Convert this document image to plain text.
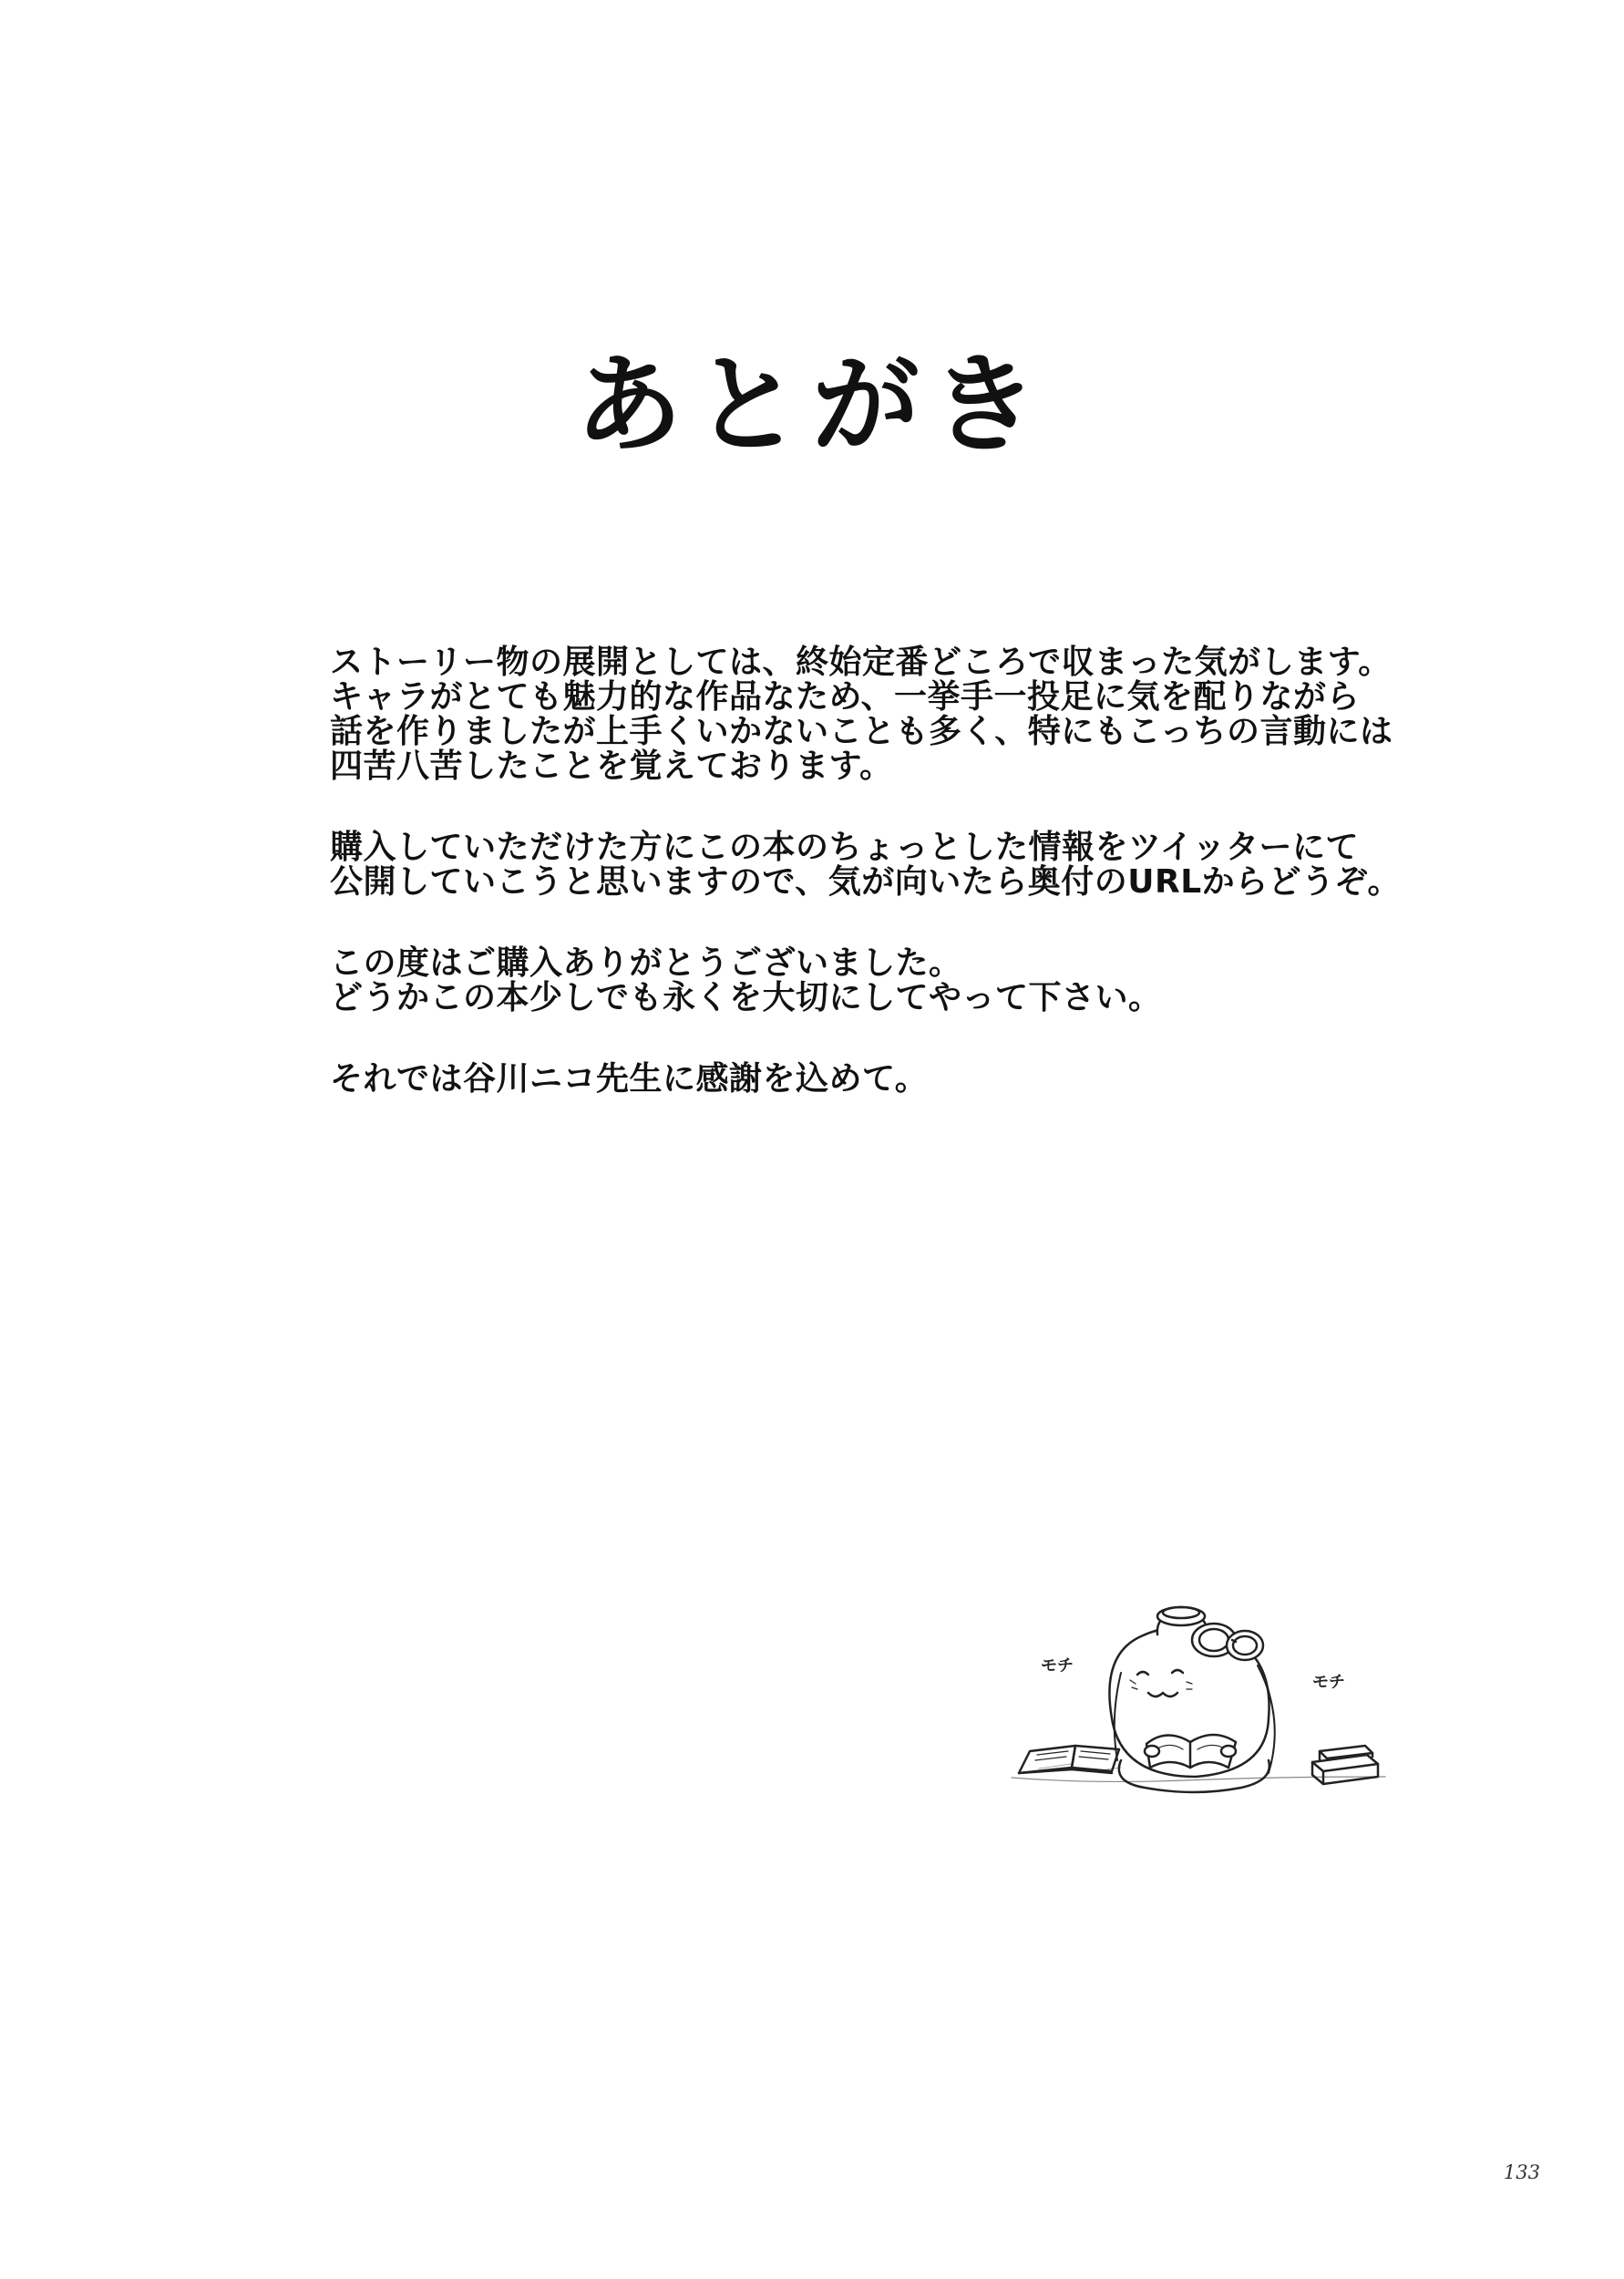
あとがき
ストーリー物の展開としては、終始定番どころで収まった気がします。
キャラがとても魅力的な作品なため、一挙手一投足に気を配りながら
話を作りましたが上手くいかないことも多く、特にもこっちの言動には
四苦八苦したことを覚えております。
購入していただけた方にこの本のちょっとした情報をツイッターにて
公開していこうと思いますので、気が向いたら奥付のURLからどうぞ。
この度はご購入ありがとうございました。
どうかこの本少しでも永くを大切にしてやって下さい。
それでは谷川ニコ先生に感謝を込めて。
モチ
モチ
133
